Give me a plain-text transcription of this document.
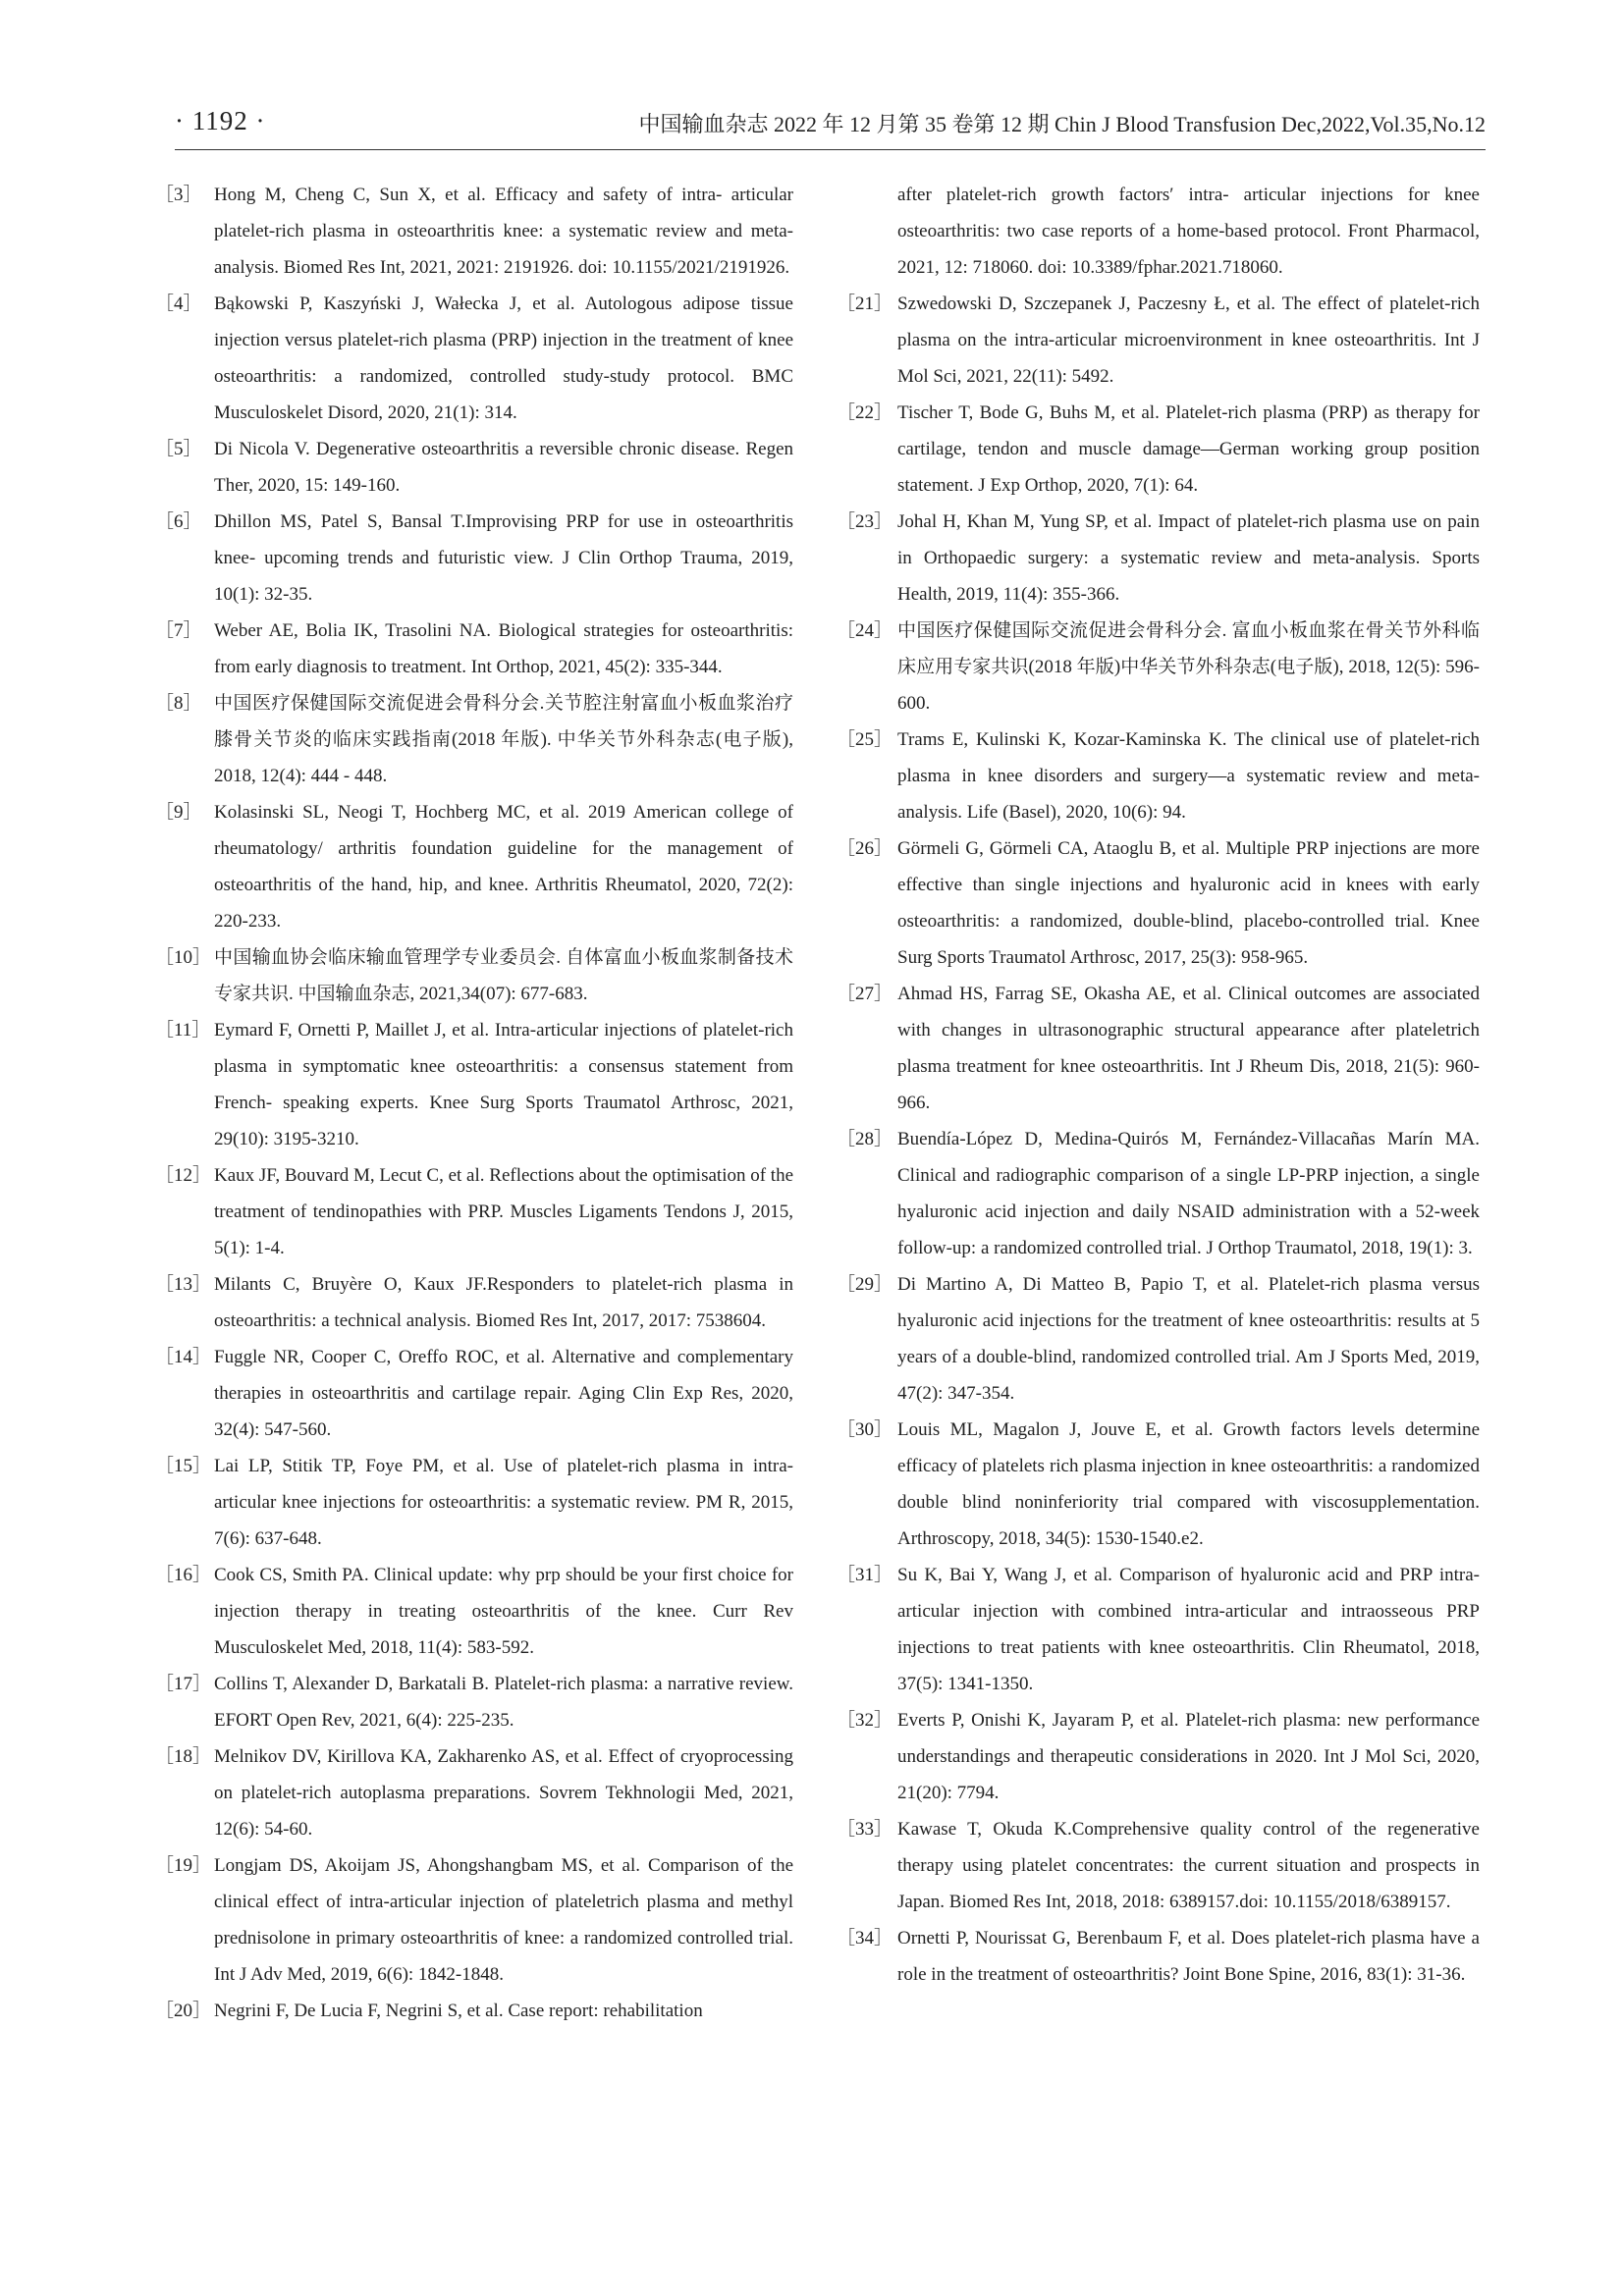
· 1192 ·	中国输血杂志 2022 年 12 月第 35 卷第 12 期 Chin J Blood Transfusion Dec,2022,Vol.35,No.12
［3］ Hong M, Cheng C, Sun X, et al. Efficacy and safety of intra- articular platelet-rich plasma in osteoarthritis knee: a systematic review and meta-analysis. Biomed Res Int, 2021, 2021: 2191926. doi: 10.1155/2021/2191926.
［4］ Bąkowski P, Kaszyński J, Wałecka J, et al. Autologous adipose tissue injection versus platelet-rich plasma (PRP) injection in the treatment of knee osteoarthritis: a randomized, controlled study-study protocol. BMC Musculoskelet Disord, 2020, 21(1): 314.
［5］ Di Nicola V. Degenerative osteoarthritis a reversible chronic disease. Regen Ther, 2020, 15: 149-160.
［6］ Dhillon MS, Patel S, Bansal T.Improvising PRP for use in osteoarthritis knee- upcoming trends and futuristic view. J Clin Orthop Trauma, 2019, 10(1): 32-35.
［7］ Weber AE, Bolia IK, Trasolini NA. Biological strategies for osteoarthritis: from early diagnosis to treatment. Int Orthop, 2021, 45(2): 335-344.
［8］ 中国医疗保健国际交流促进会骨科分会.关节腔注射富血小板血浆治疗膝骨关节炎的临床实践指南(2018 年版). 中华关节外科杂志(电子版), 2018, 12(4): 444 - 448.
［9］ Kolasinski SL, Neogi T, Hochberg MC, et al. 2019 American college of rheumatology/ arthritis foundation guideline for the management of osteoarthritis of the hand, hip, and knee. Arthritis Rheumatol, 2020, 72(2): 220-233.
［10］ 中国输血协会临床输血管理学专业委员会. 自体富血小板血浆制备技术专家共识. 中国输血杂志, 2021,34(07): 677-683.
［11］ Eymard F, Ornetti P, Maillet J, et al. Intra-articular injections of platelet-rich plasma in symptomatic knee osteoarthritis: a consensus statement from French- speaking experts. Knee Surg Sports Traumatol Arthrosc, 2021, 29(10): 3195-3210.
［12］ Kaux JF, Bouvard M, Lecut C, et al. Reflections about the optimisation of the treatment of tendinopathies with PRP. Muscles Ligaments Tendons J, 2015, 5(1): 1-4.
［13］ Milants C, Bruyère O, Kaux JF.Responders to platelet-rich plasma in osteoarthritis: a technical analysis. Biomed Res Int, 2017, 2017: 7538604.
［14］ Fuggle NR, Cooper C, Oreffo ROC, et al. Alternative and complementary therapies in osteoarthritis and cartilage repair. Aging Clin Exp Res, 2020, 32(4): 547-560.
［15］ Lai LP, Stitik TP, Foye PM, et al. Use of platelet-rich plasma in intra-articular knee injections for osteoarthritis: a systematic review. PM R, 2015, 7(6): 637-648.
［16］ Cook CS, Smith PA. Clinical update: why prp should be your first choice for injection therapy in treating osteoarthritis of the knee. Curr Rev Musculoskelet Med, 2018, 11(4): 583-592.
［17］ Collins T, Alexander D, Barkatali B. Platelet-rich plasma: a narrative review. EFORT Open Rev, 2021, 6(4): 225-235.
［18］ Melnikov DV, Kirillova KA, Zakharenko AS, et al. Effect of cryoprocessing on platelet-rich autoplasma preparations. Sovrem Tekhnologii Med, 2021, 12(6): 54-60.
［19］ Longjam DS, Akoijam JS, Ahongshangbam MS, et al. Comparison of the clinical effect of intra-articular injection of plateletrich plasma and methyl prednisolone in primary osteoarthritis of knee: a randomized controlled trial. Int J Adv Med, 2019, 6(6): 1842-1848.
［20］ Negrini F, De Lucia F, Negrini S, et al. Case report: rehabilitation
after platelet-rich growth factors′ intra- articular injections for knee osteoarthritis: two case reports of a home-based protocol. Front Pharmacol, 2021, 12: 718060. doi: 10.3389/fphar.2021.718060.
［21］ Szwedowski D, Szczepanek J, Paczesny Ł, et al. The effect of platelet-rich plasma on the intra-articular microenvironment in knee osteoarthritis. Int J Mol Sci, 2021, 22(11): 5492.
［22］ Tischer T, Bode G, Buhs M, et al. Platelet-rich plasma (PRP) as therapy for cartilage, tendon and muscle damage—German working group position statement. J Exp Orthop, 2020, 7(1): 64.
［23］ Johal H, Khan M, Yung SP, et al. Impact of platelet-rich plasma use on pain in Orthopaedic surgery: a systematic review and meta-analysis. Sports Health, 2019, 11(4): 355-366.
［24］ 中国医疗保健国际交流促进会骨科分会. 富血小板血浆在骨关节外科临床应用专家共识(2018 年版)中华关节外科杂志(电子版), 2018, 12(5): 596-600.
［25］ Trams E, Kulinski K, Kozar-Kaminska K. The clinical use of platelet-rich plasma in knee disorders and surgery—a systematic review and meta-analysis. Life (Basel), 2020, 10(6): 94.
［26］ Görmeli G, Görmeli CA, Ataoglu B, et al. Multiple PRP injections are more effective than single injections and hyaluronic acid in knees with early osteoarthritis: a randomized, double-blind, placebo-controlled trial. Knee Surg Sports Traumatol Arthrosc, 2017, 25(3): 958-965.
［27］ Ahmad HS, Farrag SE, Okasha AE, et al. Clinical outcomes are associated with changes in ultrasonographic structural appearance after plateletrich plasma treatment for knee osteoarthritis. Int J Rheum Dis, 2018, 21(5): 960-966.
［28］ Buendía-López D, Medina-Quirós M, Fernández-Villacañas Marín MA. Clinical and radiographic comparison of a single LP-PRP injection, a single hyaluronic acid injection and daily NSAID administration with a 52-week follow-up: a randomized controlled trial. J Orthop Traumatol, 2018, 19(1): 3.
［29］ Di Martino A, Di Matteo B, Papio T, et al. Platelet-rich plasma versus hyaluronic acid injections for the treatment of knee osteoarthritis: results at 5 years of a double-blind, randomized controlled trial. Am J Sports Med, 2019, 47(2): 347-354.
［30］ Louis ML, Magalon J, Jouve E, et al. Growth factors levels determine efficacy of platelets rich plasma injection in knee osteoarthritis: a randomized double blind noninferiority trial compared with viscosupplementation. Arthroscopy, 2018, 34(5): 1530-1540.e2.
［31］ Su K, Bai Y, Wang J, et al. Comparison of hyaluronic acid and PRP intra-articular injection with combined intra-articular and intraosseous PRP injections to treat patients with knee osteoarthritis. Clin Rheumatol, 2018, 37(5): 1341-1350.
［32］ Everts P, Onishi K, Jayaram P, et al. Platelet-rich plasma: new performance understandings and therapeutic considerations in 2020. Int J Mol Sci, 2020, 21(20): 7794.
［33］ Kawase T, Okuda K.Comprehensive quality control of the regenerative therapy using platelet concentrates: the current situation and prospects in Japan. Biomed Res Int, 2018, 2018: 6389157.doi: 10.1155/2018/6389157.
［34］ Ornetti P, Nourissat G, Berenbaum F, et al. Does platelet-rich plasma have a role in the treatment of osteoarthritis? Joint Bone Spine, 2016, 83(1): 31-36.
